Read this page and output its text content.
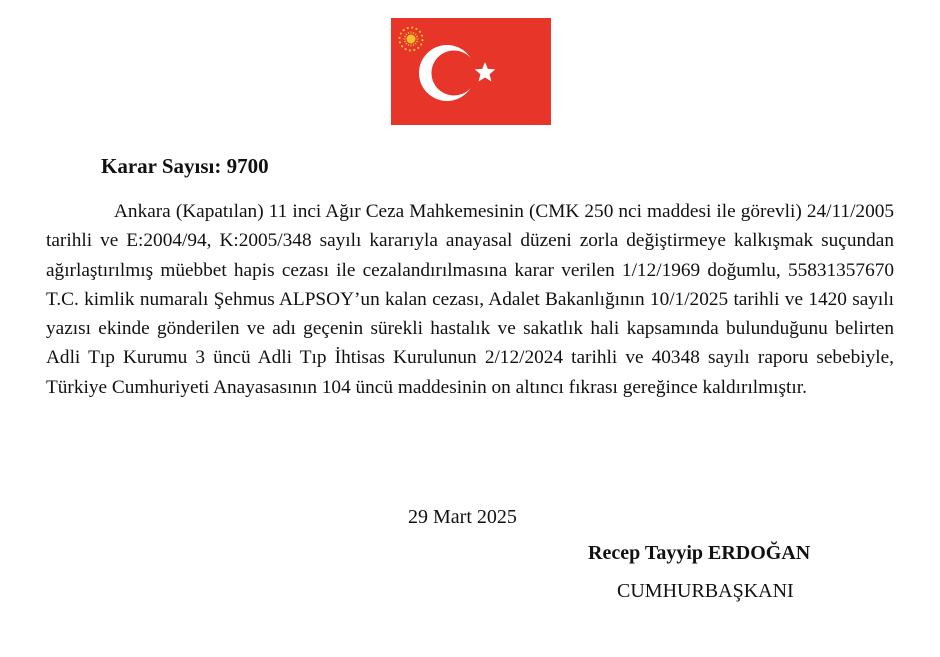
Karar Sayısı: 9700

Ankara (Kapatılan) 11 inci Ağır Ceza Mahkemesinin (CMK 250 nci maddesi ile görevli) 24/11/2005 tarihli ve E:2004/94, K:2005/348 sayılı kararıyla anayasal düzeni zorla değiştirmeye kalkışmak suçundan ağırlaştırılmış müebbet hapis cezası ile cezalandırılmasına karar verilen 1/12/1969 doğumlu, 55831357670 T.C. kimlik numaralı Şehmus ALPSOY’un kalan cezası, Adalet Bakanlığının 10/1/2025 tarihli ve 1420 sayılı yazısı ekinde gönderilen ve adı geçenin sürekli hastalık ve sakatlık hali kapsamında bulunduğunu belirten Adli Tıp Kurumu 3 üncü Adli Tıp İhtisas Kurulunun 2/12/2024 tarihli ve 40348 sayılı raporu sebebiyle, Türkiye Cumhuriyeti Anayasasının 104 üncü maddesinin on altıncı fıkrası gereğince kaldırılmıştır.

29 Mart 2025
Recep Tayyip ERDOĞAN
CUMHURBAŞKANI
